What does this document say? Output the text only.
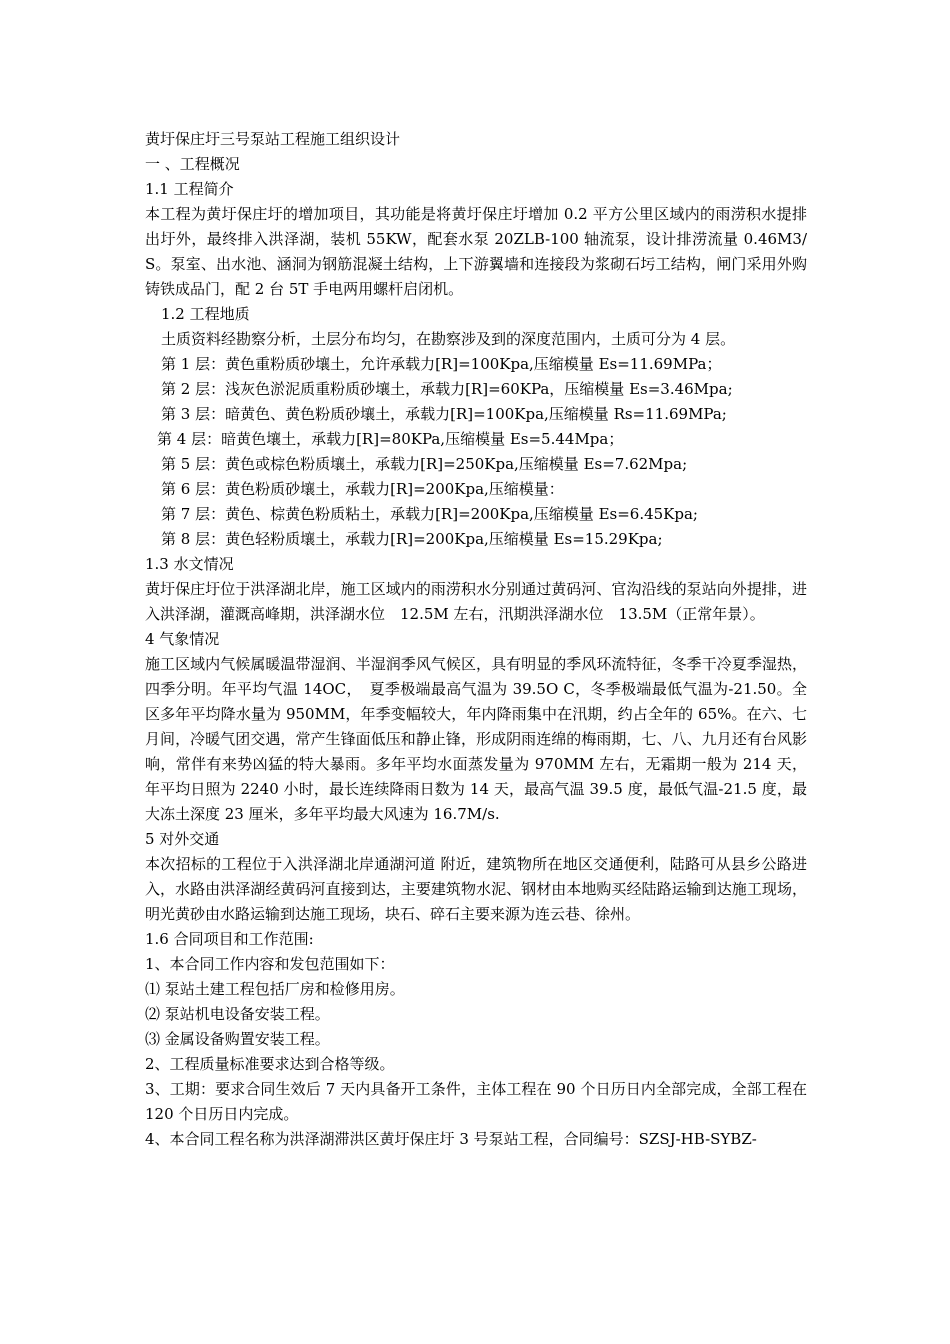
黄圩保庄圩三号泵站工程施工组织设计
一 、工程概况
1.1 工程简介
本工程为黄圩保庄圩的增加项目，其功能是将黄圩保庄圩增加 0.2 平方公里区域内的雨涝积水提排出圩外，最终排入洪泽湖，装机 55KW，配套水泵 20ZLB-100 轴流泵，设计排涝流量 0.46M3/S。泵室、出水池、涵洞为钢筋混凝土结构，上下游翼墙和连接段为浆砌石圬工结构，闸门采用外购铸铁成品门，配 2 台 5T 手电两用螺杆启闭机。
1.2 工程地质
土质资料经勘察分析，土层分布均匀，在勘察涉及到的深度范围内，土质可分为 4 层。
第 1 层：黄色重粉质砂壤土，允许承载力[R]=100Kpa,压缩模量 Es=11.69MPa；
第 2 层：浅灰色淤泥质重粉质砂壤土，承载力[R]=60KPa，压缩模量 Es=3.46Mpa;
第 3 层：暗黄色、黄色粉质砂壤土，承载力[R]=100Kpa,压缩模量 Rs=11.69MPa;
第 4 层：暗黄色壤土，承载力[R]=80KPa,压缩模量 Es=5.44Mpa；
第 5 层：黄色或棕色粉质壤土，承载力[R]=250Kpa,压缩模量 Es=7.62Mpa;
第 6 层：黄色粉质砂壤土，承载力[R]=200Kpa,压缩模量：
第 7 层：黄色、棕黄色粉质粘土，承载力[R]=200Kpa,压缩模量 Es=6.45Kpa;
第 8 层：黄色轻粉质壤土，承载力[R]=200Kpa,压缩模量 Es=15.29Kpa;
1.3 水文情况
黄圩保庄圩位于洪泽湖北岸，施工区域内的雨涝积水分别通过黄码河、官沟沿线的泵站向外提排，进入洪泽湖，灌溉高峰期，洪泽湖水位　12.5M 左右，汛期洪泽湖水位　13.5M（正常年景）。
4 气象情况
施工区域内气候属暖温带湿润、半湿润季风气候区，具有明显的季风环流特征，冬季干冷夏季湿热，四季分明。年平均气温 14OC，　夏季极端最高气温为 39.5O C，冬季极端最低气温为-21.50。全区多年平均降水量为 950MM，年季变幅较大，年内降雨集中在汛期，约占全年的 65%。在六、七月间，冷暖气团交遇，常产生锋面低压和静止锋，形成阴雨连绵的梅雨期，七、八、九月还有台风影响，常伴有来势凶猛的特大暴雨。多年平均水面蒸发量为 970MM 左右，无霜期一般为 214 天，年平均日照为 2240 小时，最长连续降雨日数为 14 天，最高气温 39.5 度，最低气温-21.5 度，最大冻土深度 23 厘米，多年平均最大风速为 16.7M/s.
5 对外交通
本次招标的工程位于入洪泽湖北岸通湖河道 附近，建筑物所在地区交通便利，陆路可从县乡公路进入，水路由洪泽湖经黄码河直接到达，主要建筑物水泥、钢材由本地购买经陆路运输到达施工现场，明光黄砂由水路运输到达施工现场，块石、碎石主要来源为连云巷、徐州。
1.6 合同项目和工作范围:
1、本合同工作内容和发包范围如下：
⑴ 泵站土建工程包括厂房和检修用房。
⑵ 泵站机电设备安装工程。
⑶ 金属设备购置安装工程。
2、工程质量标准要求达到合格等级。
3、工期：要求合同生效后 7 天内具备开工条件，主体工程在 90 个日历日内全部完成，全部工程在 120 个日历日内完成。
4、本合同工程名称为洪泽湖滞洪区黄圩保庄圩 3 号泵站工程，合同编号：SZSJ-HB-SYBZ-
